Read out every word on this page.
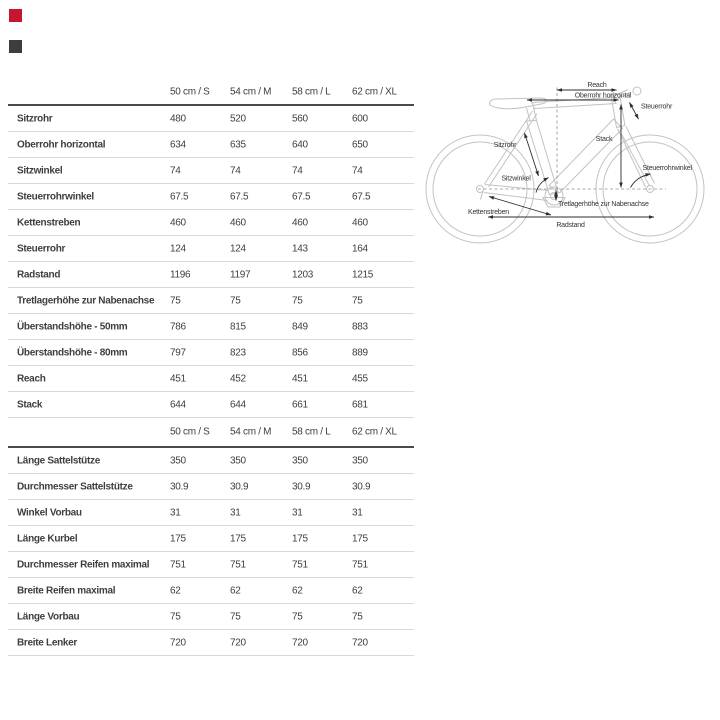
50 cm / S 54 cm / M 58 cm / L 62 cm / XL
Sitzrohr	480	520	560	600
Oberrohr horizontal	634	635	640	650
Sitzwinkel	74	74	74	74
Steuerrohrwinkel	67.5	67.5	67.5	67.5
Kettenstreben	460	460	460	460
Steuerrohr	124	124	143	164
Radstand	1196	1197	1203	1215
Tretlagerhöhe zur Nabenachse 75	75	75	75
Überstandshöhe - 50mm	786	815	849	883
Überstandshöhe - 80mm	797	823	856	889
Reach	451	452	451	455
Stack	644	644	661	681
50 cm / S 54 cm / M 58 cm / L 62 cm / XL
Länge Sattelstütze	350	350	350	350
Durchmesser Sattelstütze	30.9	30.9	30.9	30.9
Winkel Vorbau	31	31	31	31
Länge Kurbel	175	175	175	175
Durchmesser Reifen maximal 751	751	751	751
Breite Reifen maximal	62	62	62	62
Länge Vorbau	75	75	75	75
Breite Lenker	720	720	720	720
Reach
Oberrohr horizontal
Steuerrohr
Stack
Sitzrohr
Sitzwinkel
Tretlagerhöhe zur Nabenachse
Kettenstreben
Radstand
Steuerrohrwinkel
